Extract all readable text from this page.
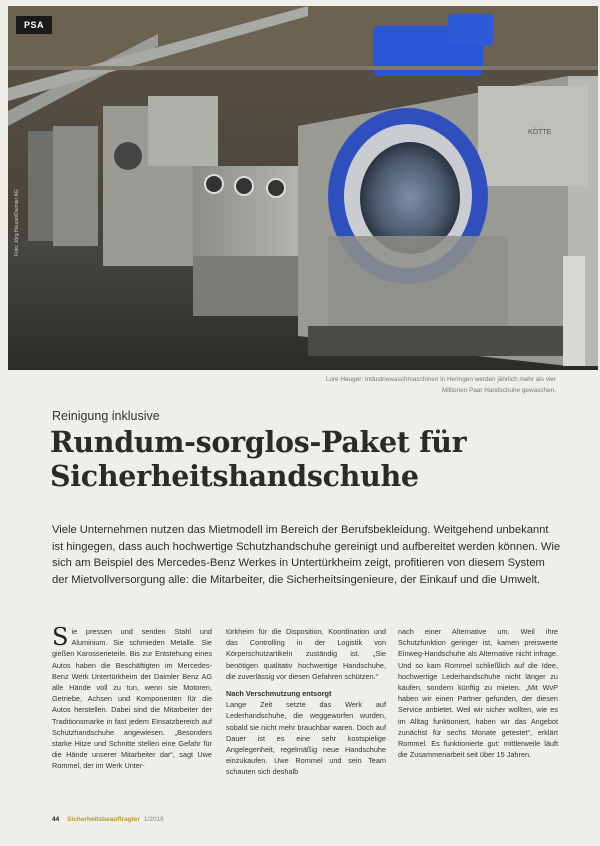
KÖTTE
PSA
Foto: Jörg Heupel/Daimler AG
Lore Heuger: Industriewaschmaschinen in Heringen werden jährlich mehr als vier
Millionen Paar Handschuhe gewaschen.
Reinigung inklusive
Rundum-sorglos-Paket für
Sicherheitshandschuhe
Viele Unternehmen nutzen das Mietmodell im Bereich der Berufsbekleidung. Weitgehend unbekannt ist hingegen, dass auch hochwertige Schutzhandschuhe gereinigt und aufbereitet werden können. Wie sich am Beispiel des Mercedes-Benz Werkes in Untertürkheim zeigt, profitieren von diesem System der Mietvollversorgung alle: die Mitarbeiter, die Sicherheitsingenieure, der Einkauf und die Umwelt.
S ie pressen und senden Stahl und Aluminium. Sie schmieden Metalle. Sie gießen Karosserieteile. Bis zur Entstehung eines Autos haben die Beschäftigten im Mercedes-Benz Werk Untertürkheim der Daimler Benz AG alle Hände voll zu tun, wenn sie Motoren, Getriebe, Achsen und Komponenten für die Autos herstellen. Dabei sind die Mitarbeiter der Traditionsmarke in fast jedem Einsatzbereich auf Schutzhandschuhe angewiesen. „Besonders starke Hitze und Schnitte stellen eine Gefahr für die Hände unserer Mitarbeiter dar“, sagt Uwe Rommel, der im Werk Unter-

türkheim für die Disposition, Koordination und das Controlling in der Logistik von Körperschutzartikeln zuständig ist. „Sie benötigen qualitativ hochwertige Handschuhe, die zuverlässig vor diesen Gefahren schützen.“

Nach Verschmutzung entsorgt

Lange Zeit setzte das Werk auf Lederhandschuhe, die weggeworfen wurden, sobald sie nicht mehr brauchbar waren. Doch auf Dauer ist es eine sehr kostspielige Angelegenheit, regelmäßig neue Handschuhe einzukaufen. Uwe Rommel und sein Team schauten sich deshalb

nach einer Alternative um. Weil ihre Schutzfunktion geringer ist, kamen preiswerte Einweg-Handschuhe als Alternative nicht infrage. Und so kam Rommel schließlich auf die Idee, hochwertige Lederhandschuhe nicht länger zu kaufen, sondern künftig zu mieten. „Mit WvP haben wir einen Partner gefunden, der diesen Service anbietet. Weil wir sicher wollten, wie es im Alltag funktioniert, haben wir das Angebot zunächst für sechs Monate getestet“, erklärt Rommel. Es funktionierte gut: mittlerweile läuft die Zusammenarbeit seit über 15 Jahren.

44 Sicherheitsbeauftragter 1/2016
